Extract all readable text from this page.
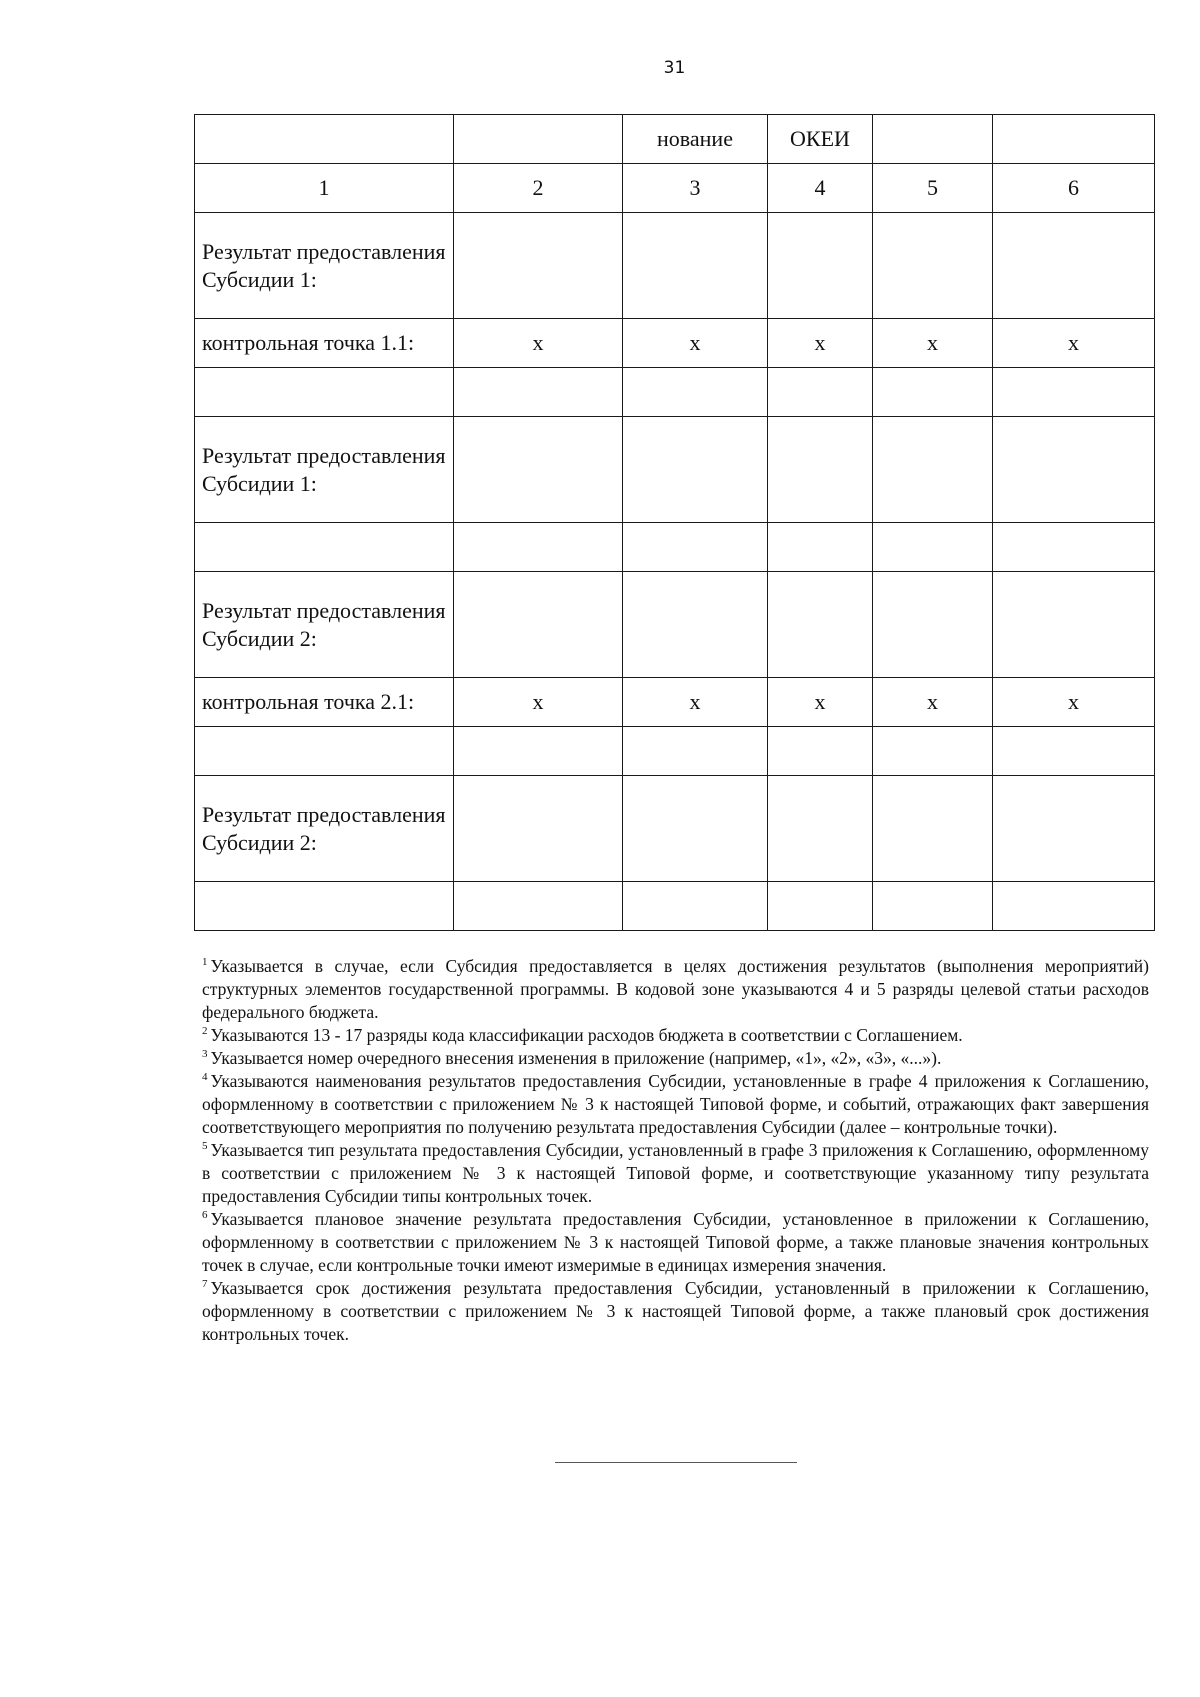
31
		нование	ОКЕИ		
1	2	3	4	5	6
Результат предоставления Субсидии 1:					
контрольная точка 1.1:	x	x	x	x	x

Результат предоставления Субсидии 1:					

Результат предоставления Субсидии 2:					
контрольная точка 2.1:	x	x	x	x	x

Результат предоставления Субсидии 2:					

$^1$ Указывается в случае, если Субсидия предоставляется в целях достижения результатов (выполнения мероприятий) структурных элементов государственной программы. В кодовой зоне указываются 4 и 5 разряды целевой статьи расходов федерального бюджета.

$^2$ Указываются 13 - 17 разряды кода классификации расходов бюджета в соответствии с Соглашением.

$^3$ Указывается номер очередного внесения изменения в приложение (например, «1», «2», «3», «...»).

$^4$ Указываются наименования результатов предоставления Субсидии, установленные в графе 4 приложения к Соглашению, оформленному в соответствии с приложением № 3 к настоящей Типовой форме, и событий, отражающих факт завершения соответствующего мероприятия по получению результата предоставления Субсидии (далее – контрольные точки).

$^5$ Указывается тип результата предоставления Субсидии, установленный в графе 3 приложения к Соглашению, оформленному в соответствии с приложением № 3 к настоящей Типовой форме, и соответствующие указанному типу результата предоставления Субсидии типы контрольных точек.

$^6$ Указывается плановое значение результата предоставления Субсидии, установленное в приложении к Соглашению, оформленному в соответствии с приложением № 3 к настоящей Типовой форме, а также плановые значения контрольных точек в случае, если контрольные точки имеют измеримые в единицах измерения значения.

$^7$ Указывается срок достижения результата предоставления Субсидии, установленный в приложении к Соглашению, оформленному в соответствии с приложением № 3 к настоящей Типовой форме, а также плановый срок достижения контрольных точек.
